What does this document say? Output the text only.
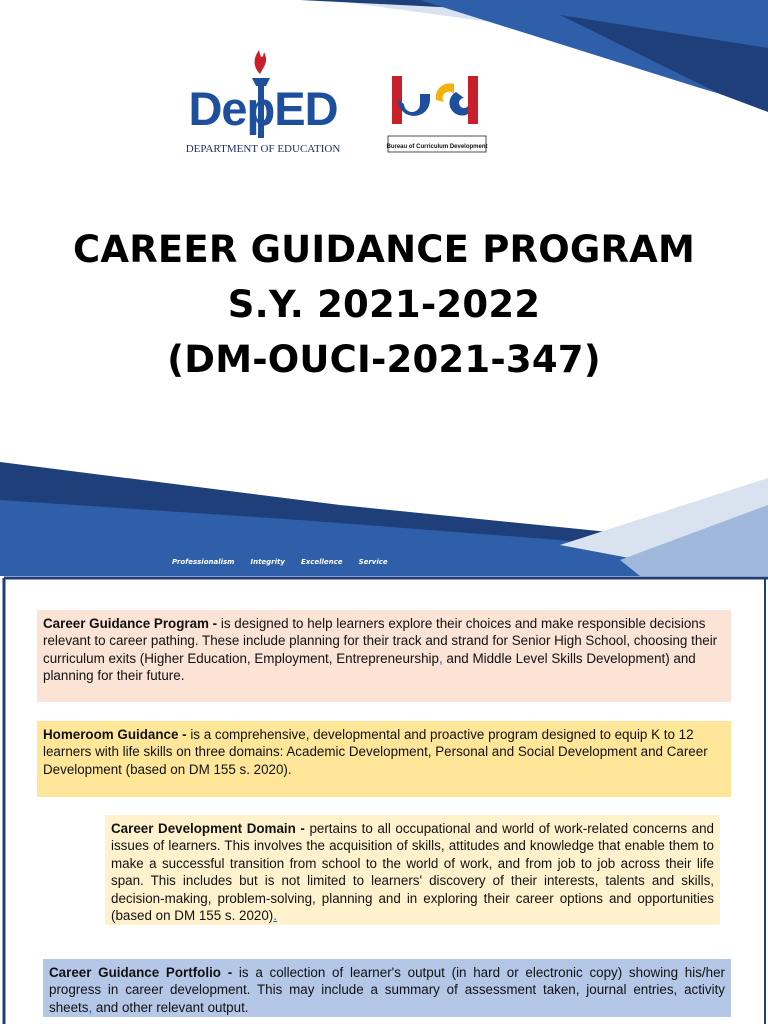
DepED
DEPARTMENT OF EDUCATION	Bureau of Curriculum Development
CAREER GUIDANCE PROGRAM
S.Y. 2021-2022
(DM-OUCI-2021-347)
Professionalism Integrity Excellence Service
Career Guidance Program - is designed to help learners explore their choices and make responsible decisions relevant to career pathing. These include planning for their track and strand for Senior High School, choosing their curriculum exits (Higher Education, Employment, Entrepreneurship, and Middle Level Skills Development) and planning for their future.
Homeroom Guidance - is a comprehensive, developmental and proactive program designed to equip K to 12 learners with life skills on three domains: Academic Development, Personal and Social Development and Career Development (based on DM 155 s. 2020).
Career Development Domain - pertains to all occupational and world of work-related concerns and issues of learners. This involves the acquisition of skills, attitudes and knowledge that enable them to make a successful transition from school to the world of work, and from job to job across their life span. This includes but is not limited to learners' discovery of their interests, talents and skills, decision-making, problem-solving, planning and in exploring their career options and opportunities (based on DM 155 s. 2020).
Career Guidance Portfolio - is a collection of learner's output (in hard or electronic copy) showing his/her progress in career development. This may include a summary of assessment taken, journal entries, activity sheets, and other relevant output.
